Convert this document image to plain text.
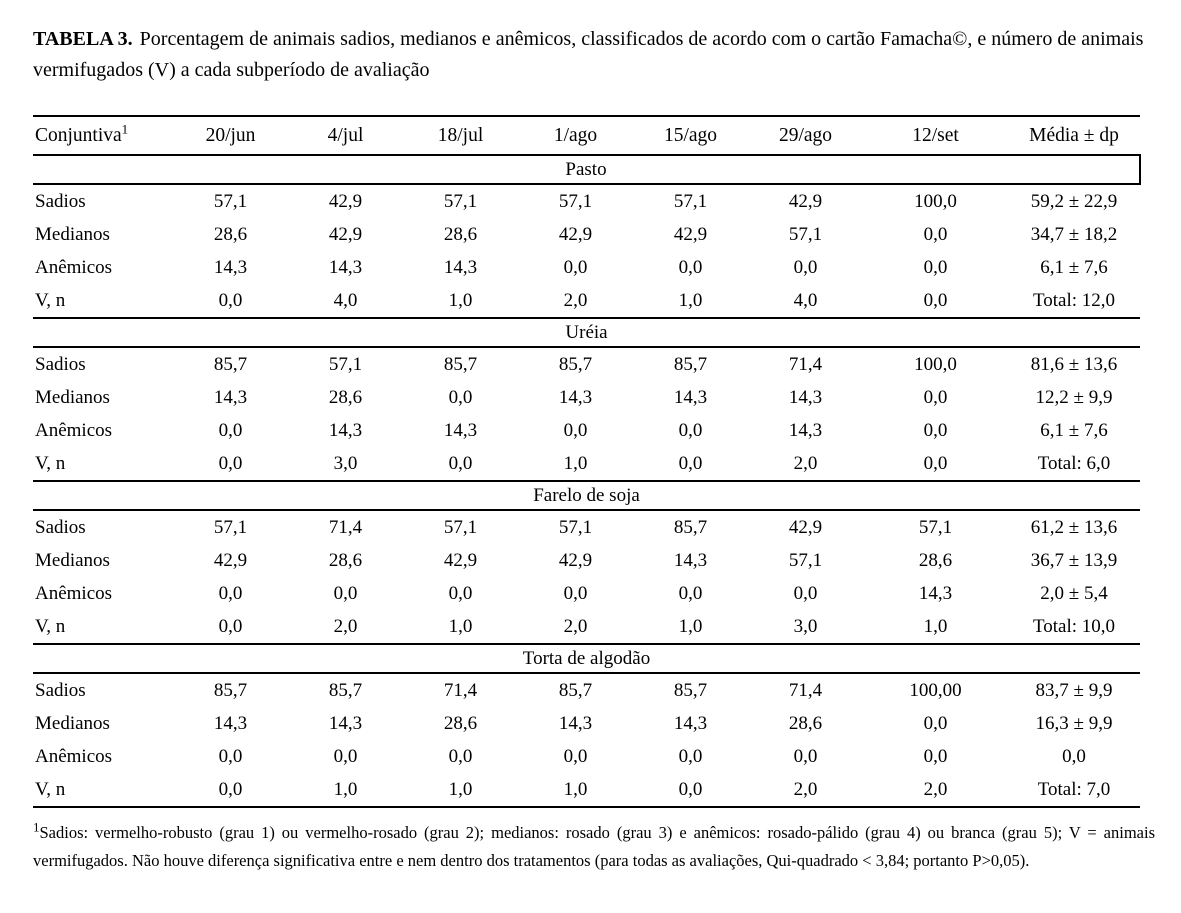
TABELA 3. Porcentagem de animais sadios, medianos e anêmicos, classificados de acordo com o cartão Famacha©, e número de animais vermifugados (V) a cada subperíodo de avaliação

Conjuntiva$^1$	20/jun	4/jul	18/jul	1/ago	15/ago	29/ago	12/set	Média ± dp
Pasto								
Sadios	57,1	42,9	57,1	57,1	57,1	42,9	100,0	59,2 ± 22,9
Medianos	28,6	42,9	28,6	42,9	42,9	57,1	0,0	34,7 ± 18,2
Anêmicos	14,3	14,3	14,3	0,0	0,0	0,0	0,0	6,1 ± 7,6
V, n	0,0	4,0	1,0	2,0	1,0	4,0	0,0	Total: 12,0
Uréia								
Sadios	85,7	57,1	85,7	85,7	85,7	71,4	100,0	81,6 ± 13,6
Medianos	14,3	28,6	0,0	14,3	14,3	14,3	0,0	12,2 ± 9,9
Anêmicos	0,0	14,3	14,3	0,0	0,0	14,3	0,0	6,1 ± 7,6
V, n	0,0	3,0	0,0	1,0	0,0	2,0	0,0	Total: 6,0
Farelo de soja								
Sadios	57,1	71,4	57,1	57,1	85,7	42,9	57,1	61,2 ± 13,6
Medianos	42,9	28,6	42,9	42,9	14,3	57,1	28,6	36,7 ± 13,9
Anêmicos	0,0	0,0	0,0	0,0	0,0	0,0	14,3	2,0 ± 5,4
V, n	0,0	2,0	1,0	2,0	1,0	3,0	1,0	Total: 10,0
Torta de algodão								
Sadios	85,7	85,7	71,4	85,7	85,7	71,4	100,00	83,7 ± 9,9
Medianos	14,3	14,3	28,6	14,3	14,3	28,6	0,0	16,3 ± 9,9
Anêmicos	0,0	0,0	0,0	0,0	0,0	0,0	0,0	0,0
V, n	0,0	1,0	1,0	1,0	0,0	2,0	2,0	Total: 7,0

$^1$Sadios: vermelho-robusto (grau 1) ou vermelho-rosado (grau 2); medianos: rosado (grau 3) e anêmicos: rosado-pálido (grau 4) ou branca (grau 5); V = animais vermifugados. Não houve diferença significativa entre e nem dentro dos tratamentos (para todas as avaliações, Qui-quadrado < 3,84; portanto P>0,05).
